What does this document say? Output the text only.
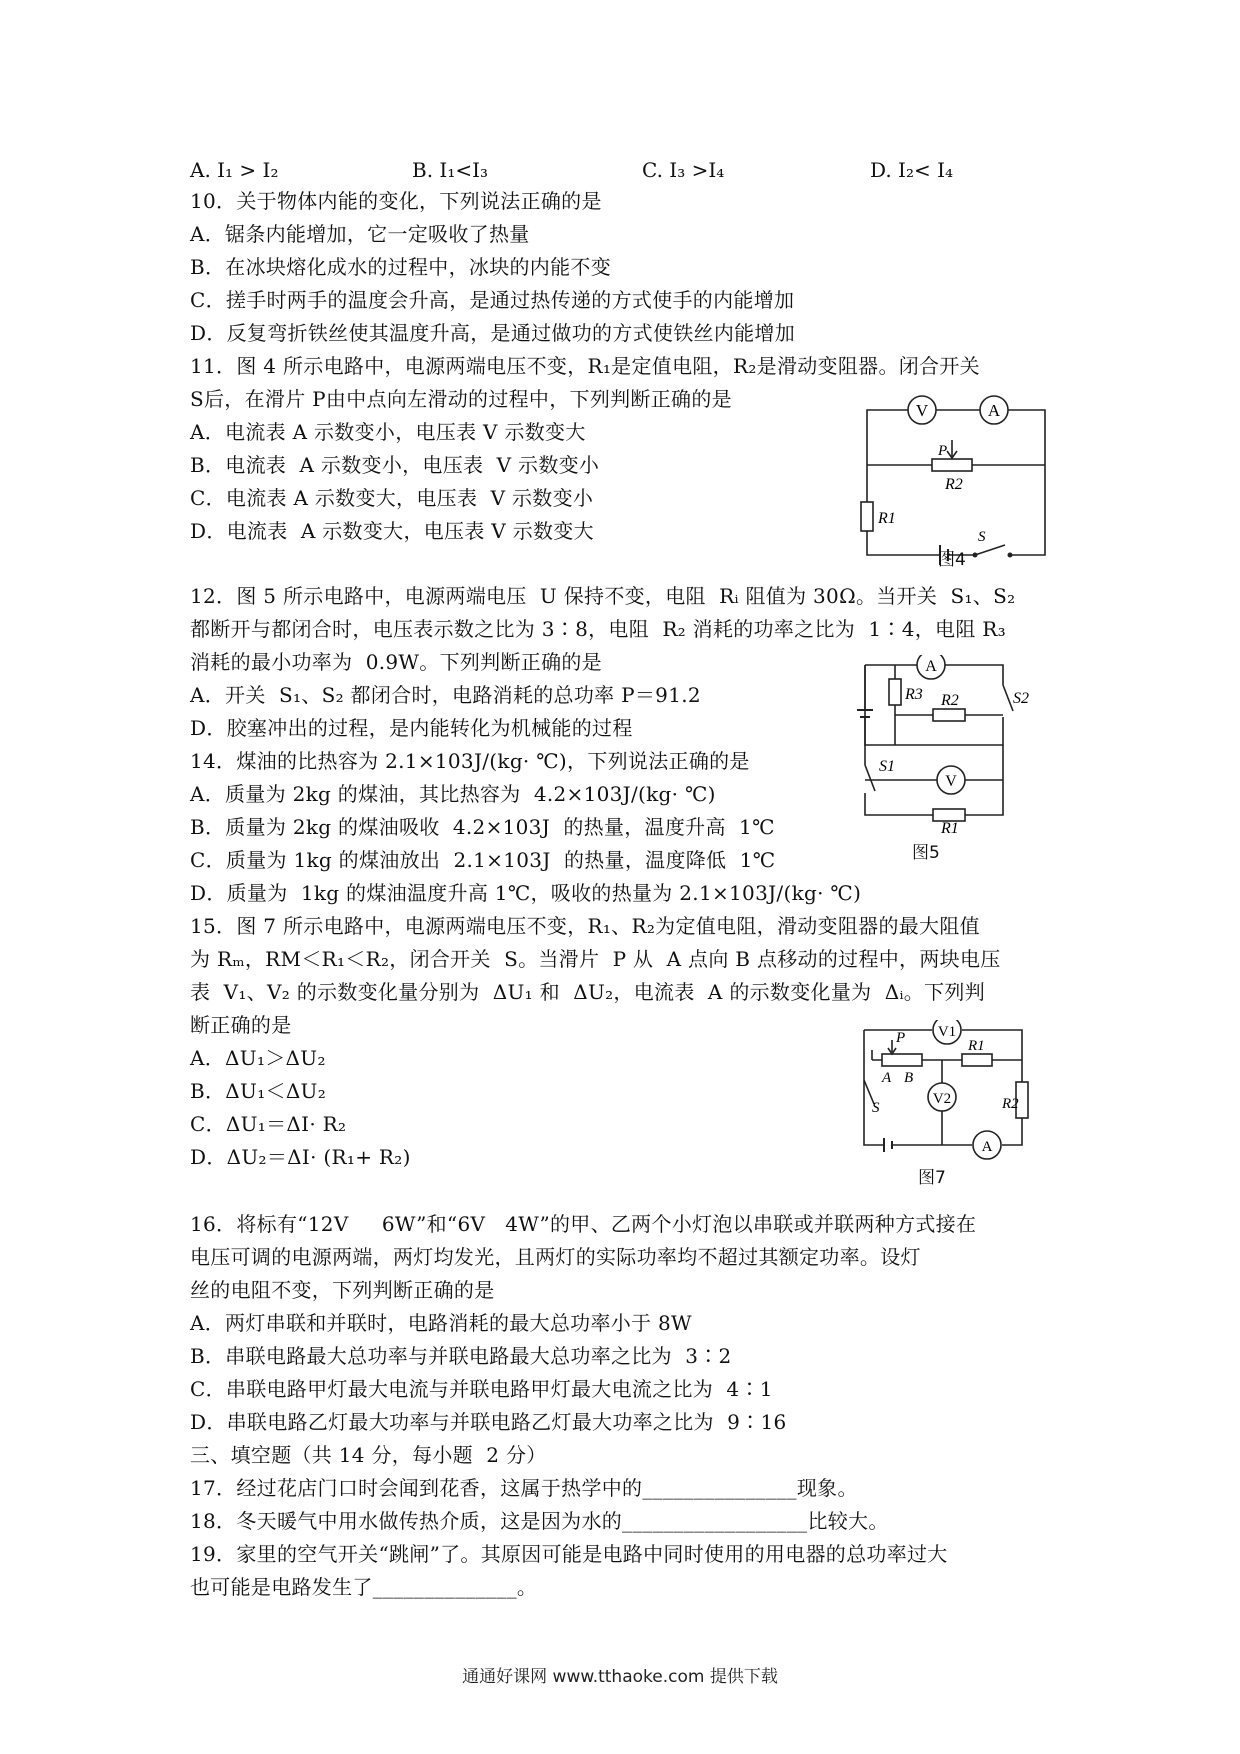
A. I₁ > I₂	B. I₁<I₃	C. I₃ >I₄	D. I₂< I₄
10．关于物体内能的变化，下列说法正确的是
A．锯条内能增加，它一定吸收了热量
B．在冰块熔化成水的过程中，冰块的内能不变
C．搓手时两手的温度会升高，是通过热传递的方式使手的内能增加
D．反复弯折铁丝使其温度升高，是通过做功的方式使铁丝内能增加
11．图 4 所示电路中，电源两端电压不变，R₁是定值电阻，R₂是滑动变阻器。闭合开关
S后，在滑片 P由中点向左滑动的过程中，下列判断正确的是
A．电流表 A 示数变小，电压表 V 示数变大
B．电流表  A 示数变小，电压表  V 示数变小
C．电流表 A 示数变大，电压表  V 示数变小
D．电流表  A 示数变大，电压表 V 示数变大
12．图 5 所示电路中，电源两端电压  U 保持不变，电阻  Rᵢ 阻值为 30Ω。当开关  S₁、S₂
都断开与都闭合时，电压表示数之比为 3∶8，电阻  R₂ 消耗的功率之比为  1∶4，电阻 R₃
消耗的最小功率为  0.9W。下列判断正确的是
A．开关  S₁、S₂ 都闭合时，电路消耗的总功率 P＝91.2
D．胶塞冲出的过程，是内能转化为机械能的过程
14．煤油的比热容为 2.1×103J/(kg· ℃)，下列说法正确的是
A．质量为 2kg 的煤油，其比热容为  4.2×103J/(kg· ℃)
B．质量为 2kg 的煤油吸收  4.2×103J  的热量，温度升高  1℃
C．质量为 1kg 的煤油放出  2.1×103J  的热量，温度降低  1℃
D．质量为  1kg 的煤油温度升高 1℃，吸收的热量为 2.1×103J/(kg· ℃)
15．图 7 所示电路中，电源两端电压不变，R₁、R₂为定值电阻，滑动变阻器的最大阻值
为 Rₘ，RM＜R₁＜R₂，闭合开关  S。当滑片  P 从  A 点向 B 点移动的过程中，两块电压
表  V₁、V₂ 的示数变化量分别为  ΔU₁ 和  ΔU₂，电流表  A 的示数变化量为  Δᵢ。下列判
断正确的是
A．ΔU₁＞ΔU₂
B．ΔU₁＜ΔU₂
C．ΔU₁＝ΔI· R₂
D．ΔU₂＝ΔI· (R₁+ R₂)
16．将标有“12V     6W”和“6V   4W”的甲、乙两个小灯泡以串联或并联两种方式接在
电压可调的电源两端，两灯均发光，且两灯的实际功率均不超过其额定功率。设灯
丝的电阻不变，下列判断正确的是
A．两灯串联和并联时，电路消耗的最大总功率小于 8W
B．串联电路最大总功率与并联电路最大总功率之比为  3∶2
C．串联电路甲灯最大电流与并联电路甲灯最大电流之比为  4∶1
D．串联电路乙灯最大功率与并联电路乙灯最大功率之比为  9∶16
三、填空题（共 14 分，每小题  2 分）
17．经过花店门口时会闻到花香，这属于热学中的_______________现象。
18．冬天暖气中用水做传热介质，这是因为水的__________________比较大。
19．家里的空气开关“跳闸”了。其原因可能是电路中同时使用的用电器的总功率过大
也可能是电路发生了______________。
V	A
P
R2
R1
S
图4
A
V
R3 R2
R1
S1
S2
图5
V1
V2
A
R1
R2
P
A B
S
图7
通通好课网 www.tthaoke.com 提供下载
